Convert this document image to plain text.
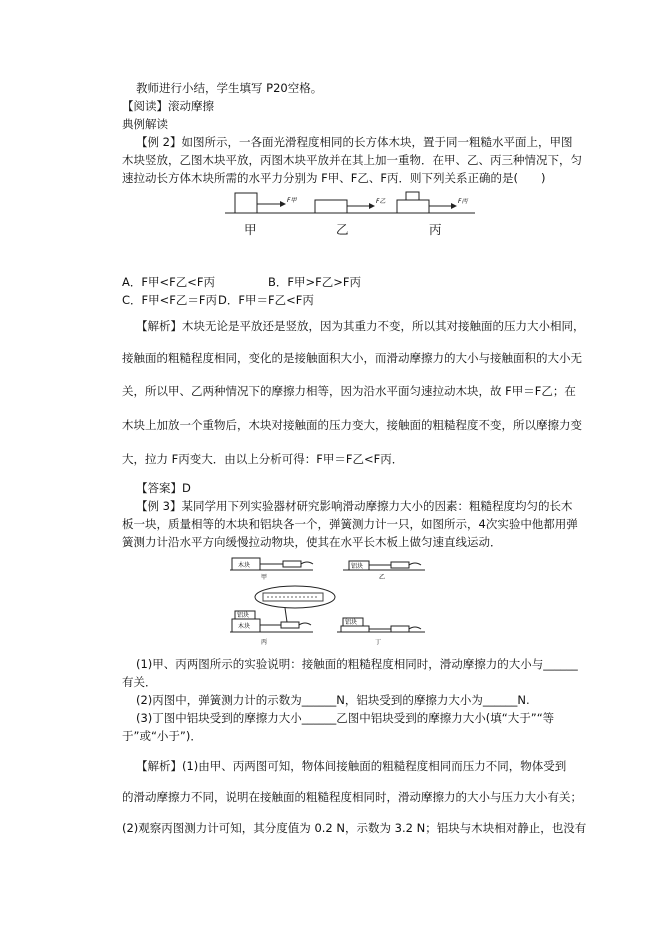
教师进行小结，学生填写 P20空格。
【阅读】滚动摩擦
典例解读
【例 2】如图所示，一各面光滑程度相同的长方体木块，置于同一粗糙水平面上，甲图
木块竖放，乙图木块平放，丙图木块平放并在其上加一重物．在甲、乙、丙三种情况下，匀
速拉动长方体木块所需的水平力分别为 F甲、F乙、F丙．则下列关系正确的是(　　)
F甲	F乙	F丙
甲	乙	丙
A．F甲<F乙<F丙	B．F甲>F乙>F丙
C．F甲<F乙＝F丙 D．F甲＝F乙<F丙
【解析】木块无论是平放还是竖放，因为其重力不变，所以其对接触面的压力大小相同，
接触面的粗糙程度相同，变化的是接触面积大小，而滑动摩擦力的大小与接触面积的大小无
关，所以甲、乙两种情况下的摩擦力相等，因为沿水平面匀速拉动木块，故 F甲＝F乙；在
木块上加放一个重物后，木块对接触面的压力变大，接触面的粗糙程度不变，所以摩擦力变
大，拉力 F丙变大．由以上分析可得：F甲＝F乙<F丙．
【答案】D
【例 3】某同学用下列实验器材研究影响滑动摩擦力大小的因素：粗糙程度均匀的长木
板一块，质量相等的木块和铝块各一个，弹簧测力计一只，如图所示，4次实验中他都用弹
簧测力计沿水平方向缓慢拉动物块，使其在水平长木板上做匀速直线运动．
木块
甲
铝块
乙
木块
铝块
丙
铝块
丁
(1)甲、丙两图所示的实验说明：接触面的粗糙程度相同时，滑动摩擦力的大小与______
有关．
(2)丙图中，弹簧测力计的示数为______N，铝块受到的摩擦力大小为______N.
(3)丁图中铝块受到的摩擦力大小______乙图中铝块受到的摩擦力大小(填“大于”“等
于”或“小于”)．
【解析】(1)由甲、丙两图可知，物体间接触面的粗糙程度相同而压力不同，物体受到
的滑动摩擦力不同，说明在接触面的粗糙程度相同时，滑动摩擦力的大小与压力大小有关；
(2)观察丙图测力计可知，其分度值为 0.2 N，示数为 3.2 N；铝块与木块相对静止，也没有
